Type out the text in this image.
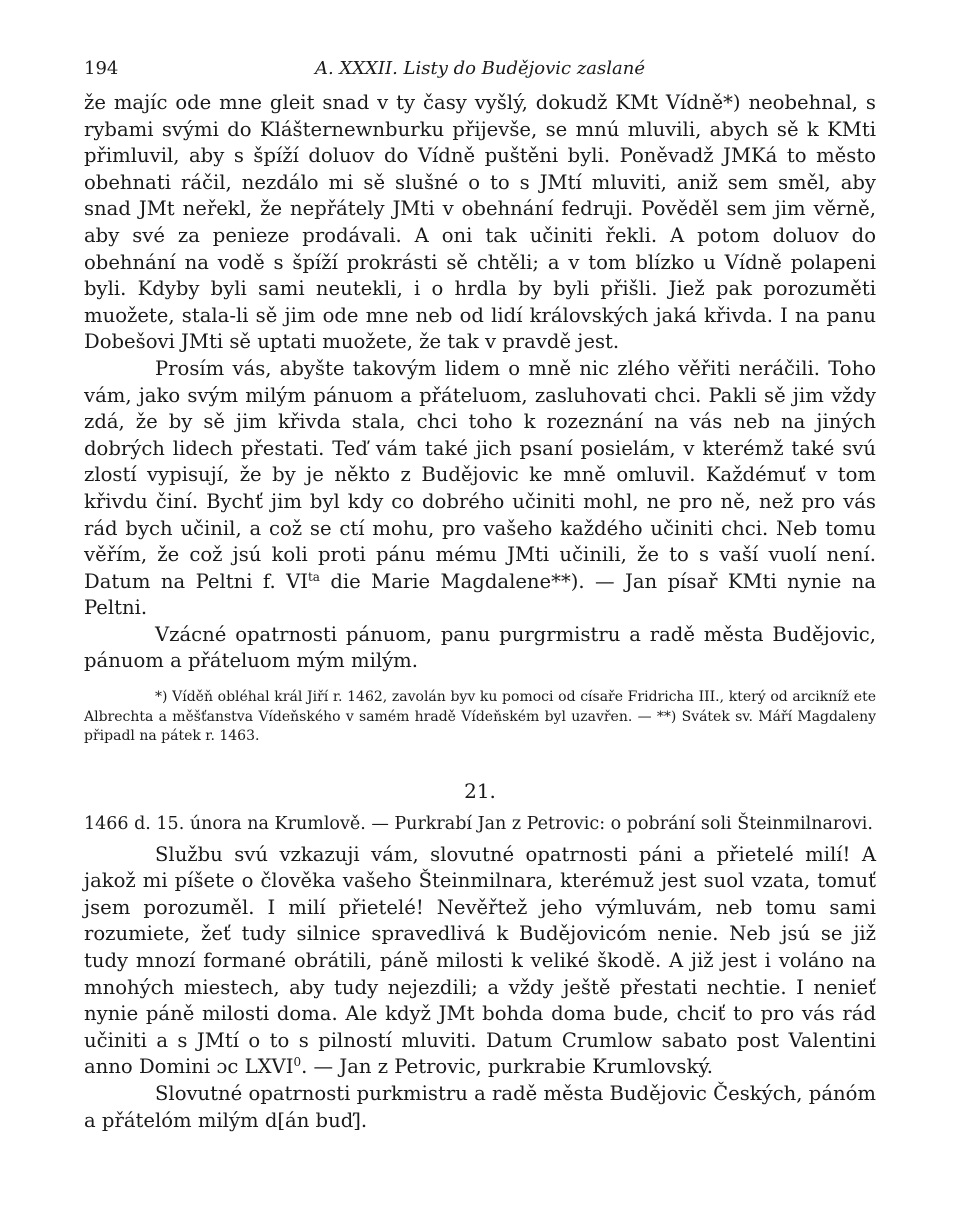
194	A. XXXII. Listy do Budějovic zaslané

že majíc ode mne gleit snad v ty časy vyšlý, dokudž KMt Vídně*) neobehnal, s rybami svými do Klášternewnburku přijevše, se mnú mluvili, abych sě k KMti přimluvil, aby s špíží doluov do Vídně puštěni byli. Poněvadž JMKá to město obehnati ráčil, nezdálo mi sě slušné o to s JMtí mluviti, aniž sem směl, aby snad JMt neřekl, že nepřátely JMti v obehnání fedruji. Pověděl sem jim věrně, aby své za penieze prodávali. A oni tak učiniti řekli. A potom doluov do obehnání na vodě s špíží prokrásti sě chtěli; a v tom blízko u Vídně polapeni byli. Kdyby byli sami neutekli, i o hrdla by byli přišli. Jiež pak porozuměti muožete, stala-li sě jim ode mne neb od lidí královských jaká křivda. I na panu Dobešovi JMti sě uptati muožete, že tak v pravdě jest.

Prosím vás, abyšte takovým lidem o mně nic zlého věřiti neráčili. Toho vám, jako svým milým pánuom a přáteluom, zasluhovati chci. Pakli sě jim vždy zdá, že by sě jim křivda stala, chci toho k rozeznání na vás neb na jiných dobrých lidech přestati. Teď vám také jich psaní posielám, v kterémž také svú zlostí vypisují, že by je někto z Budějovic ke mně omluvil. Každémuť v tom křivdu činí. Bychť jim byl kdy co dobrého učiniti mohl, ne pro ně, než pro vás rád bych učinil, a což se ctí mohu, pro vašeho každého učiniti chci. Neb tomu věřím, že což jsú koli proti pánu mému JMti učinili, že to s vaší vuolí není. Datum na Peltni f. $VI^{ta}$ die Marie Magdalene**). — Jan písař KMti nynie na Peltni.

Vzácné opatrnosti pánuom, panu purgrmistru a radě města Budějovic, pánuom a přáteluom mým milým.

*) Víděň obléhal král Jiří r. 1462, zavolán byv ku pomoci od císaře Fridricha III., který od arcikníž ete Albrechta a měšťanstva Vídeňského v samém hradě Vídeňském byl uzavřen. — **) Svátek sv. Máří Magdaleny připadl na pátek r. 1463.

21.
1466 d. 15. února na Krumlově. — Purkrabí Jan z Petrovic: o pobrání soli Šteinmilnarovi.

Službu svú vzkazuji vám, slovutné opatrnosti páni a přietelé milí! A jakož mi píšete o člověka vašeho Šteinmilnara, kterémuž jest suol vzata, tomuť jsem porozuměl. I milí přietelé! Nevěřtež jeho výmluvám, neb tomu sami rozumiete, žeť tudy silnice spravedlivá k Budějovicóm nenie. Neb jsú se již tudy mnozí formané obrátili, páně milosti k veliké škodě. A již jest i voláno na mnohých miestech, aby tudy nejezdili; a vždy ještě přestati nechtie. I nenieť nynie páně milosti doma. Ale když JMt bohda doma bude, chciť to pro vás rád učiniti a s JMtí o to s pilností mluviti. Datum Crumlow sabato post Valentini anno Domini ɔc LXVI$^0$. — Jan z Petrovic, purkrabie Krumlovský.

Slovutné opatrnosti purkmistru a radě města Budějovic Českých, pánóm a přátelóm milým d[án buď].
